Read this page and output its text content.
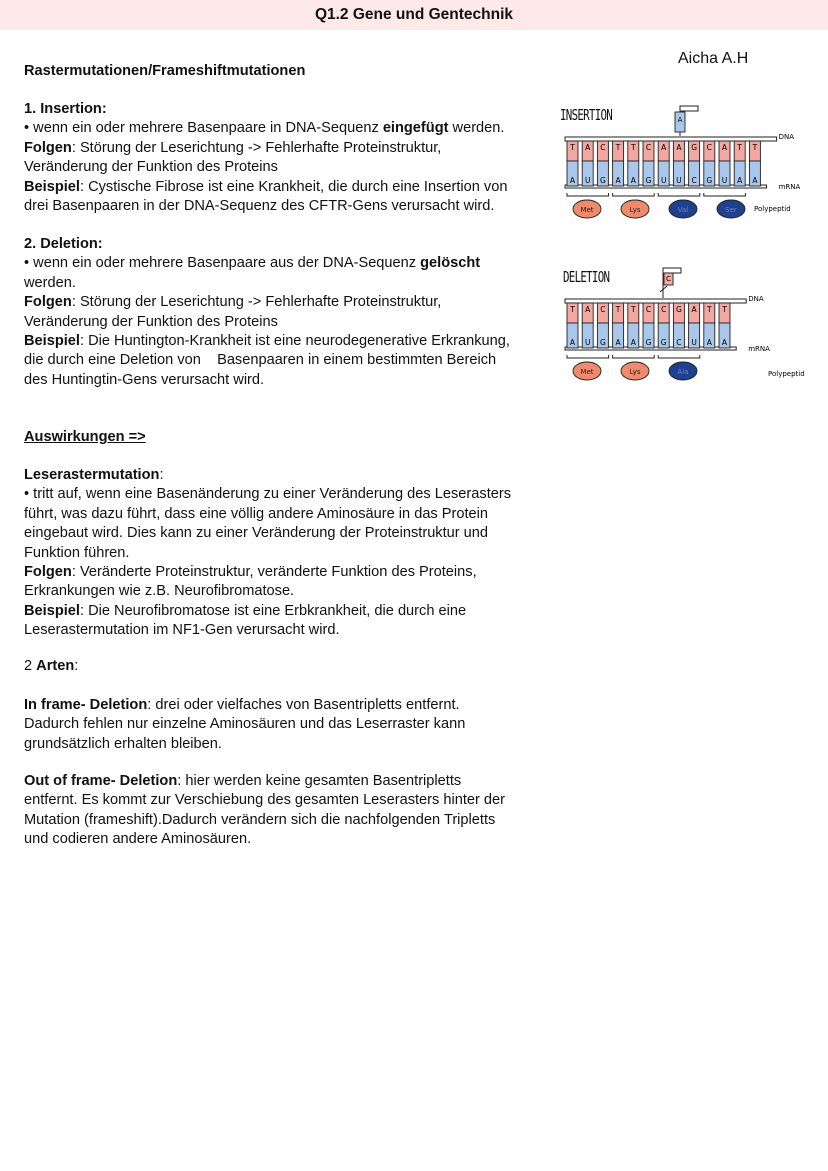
Q1.2 Gene und Gentechnik
Aicha A.H
Rastermutationen/Frameshiftmutationen
1. Insertion:
• wenn ein oder mehrere Basenpaare in DNA-Sequenz eingefügt werden.
Folgen: Störung der Leserichtung -> Fehlerhafte Proteinstruktur,
Veränderung der Funktion des Proteins
Beispiel: Cystische Fibrose ist eine Krankheit, die durch eine Insertion von
drei Basenpaaren in der DNA-Sequenz des CFTR-Gens verursacht wird.
2. Deletion:
• wenn ein oder mehrere Basenpaare aus der DNA-Sequenz gelöscht
werden.
Folgen: Störung der Leserichtung -> Fehlerhafte Proteinstruktur,
Veränderung der Funktion des Proteins
Beispiel: Die Huntington-Krankheit ist eine neurodegenerative Erkrankung,
die durch eine Deletion von    Basenpaaren in einem bestimmten Bereich
des Huntingtin-Gens verursacht wird.
Auswirkungen =>
Leserastermutation:
• tritt auf, wenn eine Basenänderung zu einer Veränderung des Leserasters
führt, was dazu führt, dass eine völlig andere Aminosäure in das Protein
eingebaut wird. Dies kann zu einer Veränderung der Proteinstruktur und
Funktion führen.
Folgen: Veränderte Proteinstruktur, veränderte Funktion des Proteins,
Erkrankungen wie z.B. Neurofibromatose.
Beispiel: Die Neurofibromatose ist eine Erbkrankheit, die durch eine
Leserastermutation im NF1-Gen verursacht wird.
2 Arten:
In frame- Deletion: drei oder vielfaches von Basentripletts entfernt.
Dadurch fehlen nur einzelne Aminosäuren und das Leserraster kann
grundsätzlich erhalten bleiben.
Out of frame- Deletion: hier werden keine gesamten Basentripletts
entfernt. Es kommt zur Verschiebung des gesamten Leserasters hinter der
Mutation (frameshift).Dadurch verändern sich die nachfolgenden Tripletts
und codieren andere Aminosäuren.
INSERTION
DNA
mRNA
T
A
A
U
C
G
T
A
T
A
C
G
A
U
A
U
G
C
C
G
A
U
T
A
T
A
Met	Lys	Val	Ser Polypeptid
A
DELETION
DNA
mRNA
T
A
A
U
C
G
T
A
T
A
C
G
C
G
G
C
A
U
T
A
T
A
Met	Lys	Ala	Polypeptid
C
